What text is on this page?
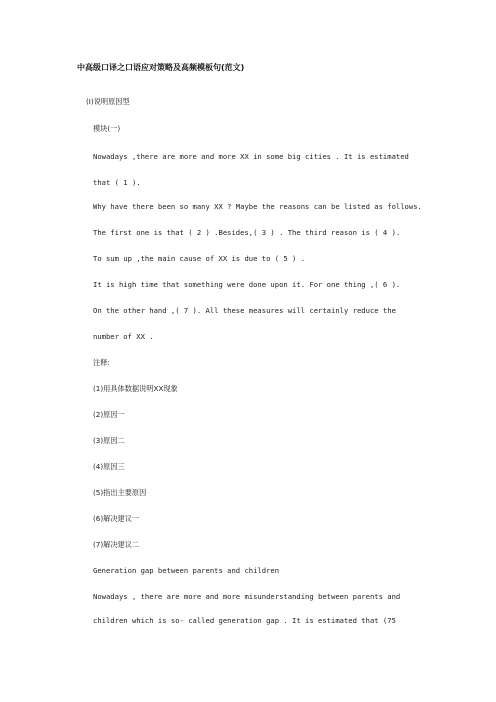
中高级口译之口语应对策略及高频模板句(范文)
(I)说明原因型
模块(一)
Nowadays ,there are more and more XX in some big cities . It is estimated
that ( 1 ).
Why have there been so many XX ? Maybe the reasons can be listed as follows.
The first one is that ( 2 ) .Besides,( 3 ) . The third reason is ( 4 ).
To sum up ,the main cause of XX is due to ( 5 ) .
It is high time that something were done upon it. For one thing ,( 6 ).
On the other hand ,( 7 ). All these measures will certainly reduce the
number of XX .
注释:
(1)用具体数据说明XX现象
(2)原因一
(3)原因二
(4)原因三
(5)指出主要原因
(6)解决建议一
(7)解决建议二
Generation gap between parents and children
Nowadays , there are more and more misunderstanding between parents and
children which is so- called generation gap . It is estimated that (75
